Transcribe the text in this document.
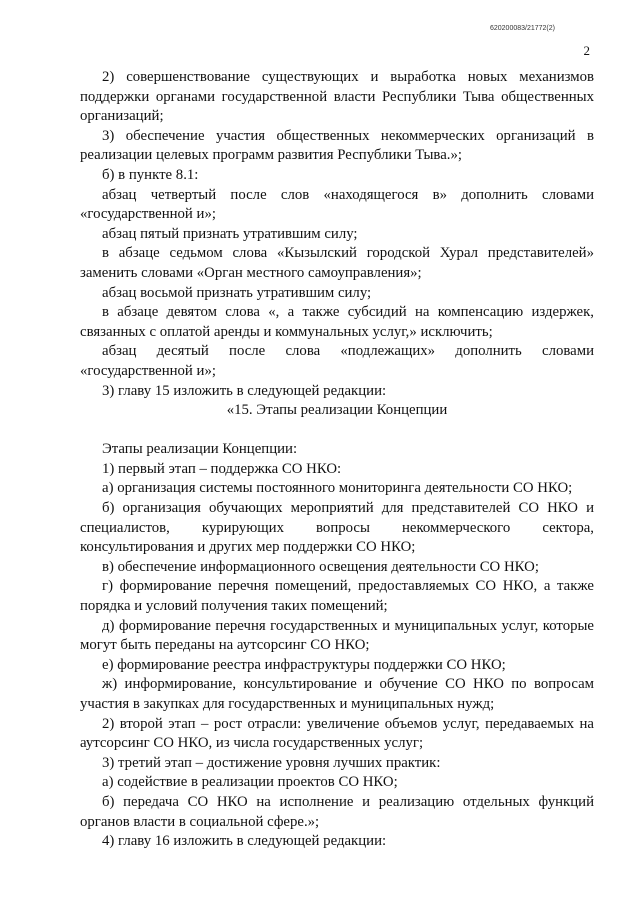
620200083/21772(2)
2

2) совершенствование существующих и выработка новых механизмов поддержки органами государственной власти Республики Тыва общественных организаций;

3) обеспечение участия общественных некоммерческих организаций в реализации целевых программ развития Республики Тыва.»;

б) в пункте 8.1:

абзац четвертый после слов «находящегося в» дополнить словами «государственной и»;

абзац пятый признать утратившим силу;

в абзаце седьмом слова «Кызылский городской Хурал представителей» заменить словами «Орган местного самоуправления»;

абзац восьмой признать утратившим силу;

в абзаце девятом слова «, а также субсидий на компенсацию издержек, связанных с оплатой аренды и коммунальных услуг,» исключить;

абзац десятый после слова «подлежащих» дополнить словами «государственной и»;

3) главу 15 изложить в следующей редакции:

«15. Этапы реализации Концепции

Этапы реализации Концепции:

1) первый этап – поддержка СО НКО:

а) организация системы постоянного мониторинга деятельности СО НКО;

б) организация обучающих мероприятий для представителей СО НКО и специалистов, курирующих вопросы некоммерческого сектора, консультирования и других мер поддержки СО НКО;

в) обеспечение информационного освещения деятельности СО НКО;

г) формирование перечня помещений, предоставляемых СО НКО, а также порядка и условий получения таких помещений;

д) формирование перечня государственных и муниципальных услуг, которые могут быть переданы на аутсорсинг СО НКО;

е) формирование реестра инфраструктуры поддержки СО НКО;

ж) информирование, консультирование и обучение СО НКО по вопросам участия в закупках для государственных и муниципальных нужд;

2) второй этап – рост отрасли: увеличение объемов услуг, передаваемых на аутсорсинг СО НКО, из числа государственных услуг;

3) третий этап – достижение уровня лучших практик:

а) содействие в реализации проектов СО НКО;

б) передача СО НКО на исполнение и реализацию отдельных функций органов власти в социальной сфере.»;

4) главу 16 изложить в следующей редакции:
